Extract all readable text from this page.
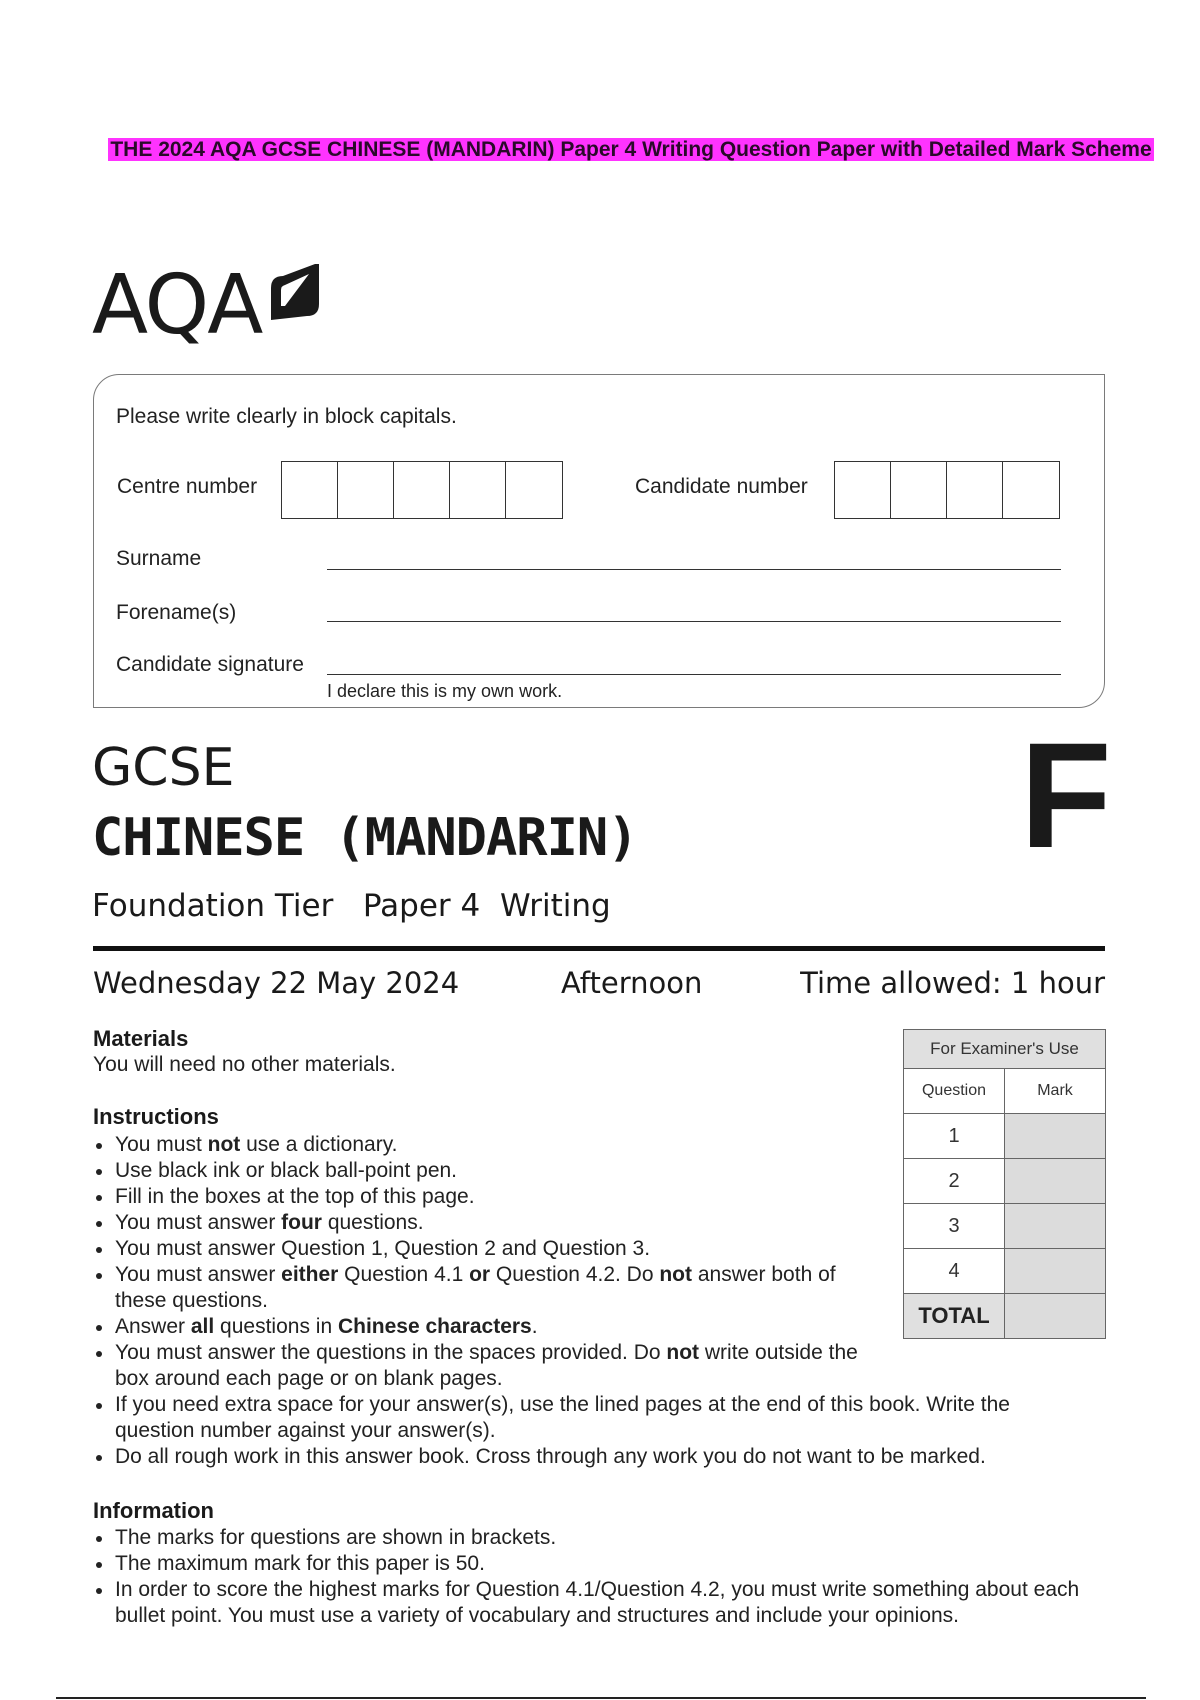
THE 2024 AQA GCSE CHINESE (MANDARIN) Paper 4 Writing Question Paper with Detailed Mark Scheme
AQA
Please write clearly in block capitals.
Centre number	Candidate number
Surname
Forename(s)
Candidate signature
I declare this is my own work.
GCSE
CHINESE (MANDARIN)
Foundation Tier Paper 4 Writing
F
Wednesday 22 May 2024	Afternoon	Time allowed: 1 hour
Materials
You will need no other materials.
Instructions
You must not use a dictionary.
Use black ink or black ball-point pen.
Fill in the boxes at the top of this page.
You must answer four questions.
You must answer Question 1, Question 2 and Question 3.
You must answer either Question 4.1 or Question 4.2. Do not answer both of these questions.
Answer all questions in Chinese characters.
You must answer the questions in the spaces provided. Do not write outside the box around each page or on blank pages.
If you need extra space for your answer(s), use the lined pages at the end of this book. Write the question number against your answer(s).
Do all rough work in this answer book. Cross through any work you do not want to be marked.
Information
The marks for questions are shown in brackets.
The maximum mark for this paper is 50.
In order to score the highest marks for Question 4.1/Question 4.2, you must write something about each bullet point. You must use a variety of vocabulary and structures and include your opinions.
For Examiner's Use	
Question	Mark
1	
2	
3	
4	
TOTAL	
